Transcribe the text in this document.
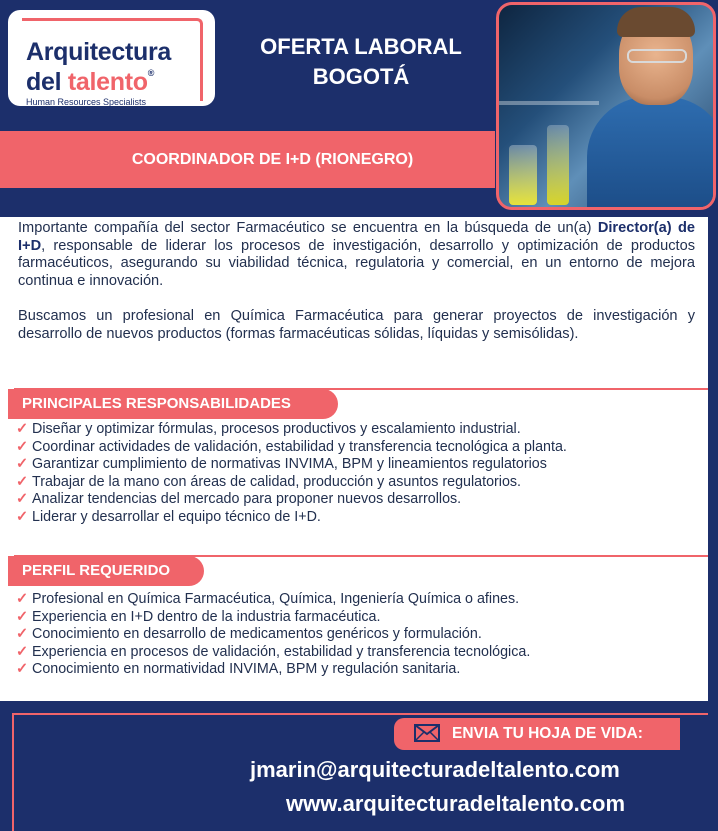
Arquitectura
del talento®
Human Resources Specialists
OFERTA LABORAL
BOGOTÁ
COORDINADOR DE I+D (RIONEGRO)
Importante compañía del sector Farmacéutico se encuentra en la búsqueda de un(a) Director(a) de I+D, responsable de liderar los procesos de investigación, desarrollo y optimización de productos farmacéuticos, asegurando su viabilidad técnica, regulatoria y comercial, en un entorno de mejora continua e innovación.
Buscamos un profesional en Química Farmacéutica para generar proyectos de investigación y desarrollo de nuevos productos (formas farmacéuticas sólidas, líquidas y semisólidas).
PRINCIPALES RESPONSABILIDADES
✓ Diseñar y optimizar fórmulas, procesos productivos y escalamiento industrial.
✓ Coordinar actividades de validación, estabilidad y transferencia tecnológica a planta.
✓ Garantizar cumplimiento de normativas INVIMA, BPM y lineamientos regulatorios
✓ Trabajar de la mano con áreas de calidad, producción y asuntos regulatorios.
✓ Analizar tendencias del mercado para proponer nuevos desarrollos.
✓ Liderar y desarrollar el equipo técnico de I+D.
PERFIL REQUERIDO
✓ Profesional en Química Farmacéutica, Química, Ingeniería Química o afines.
✓ Experiencia en I+D dentro de la industria farmacéutica.
✓ Conocimiento en desarrollo de medicamentos genéricos y formulación.
✓ Experiencia en procesos de validación, estabilidad y transferencia tecnológica.
✓ Conocimiento en normatividad INVIMA, BPM y regulación sanitaria.
ENVIA TU HOJA DE VIDA:
jmarin@arquitecturadeltalento.com
www.arquitecturadeltalento.com
